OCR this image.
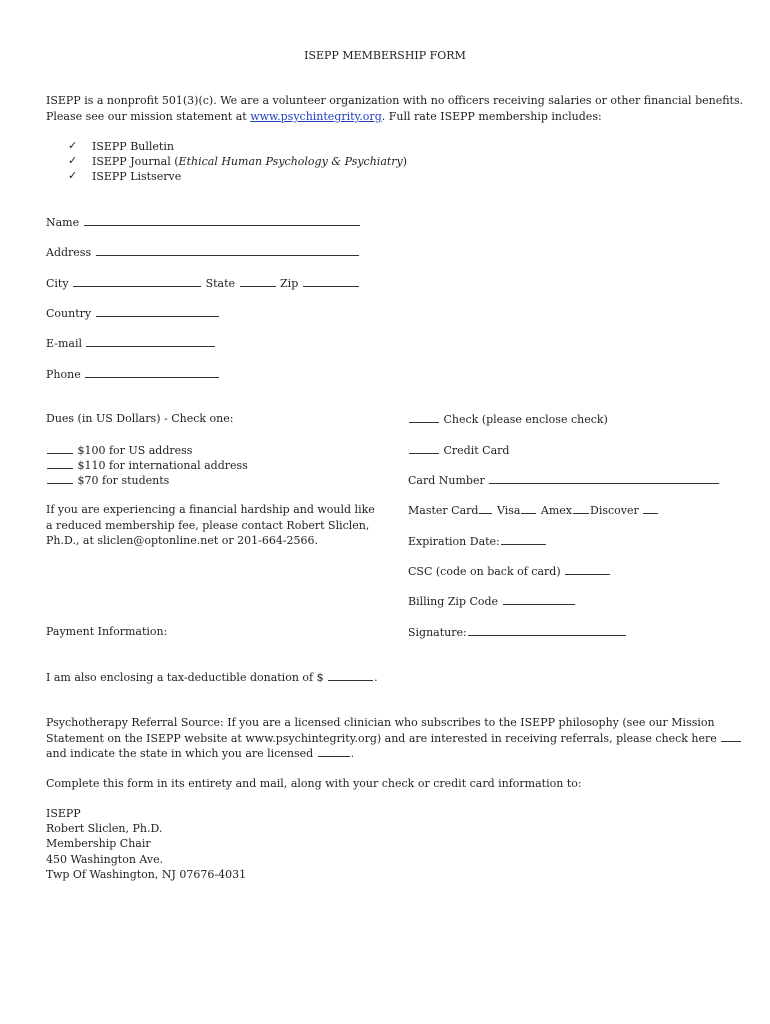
ISEPP MEMBERSHIP FORM
ISEPP is a nonprofit 501(3)(c). We are a volunteer organization with no officers receiving salaries or other financial benefits.
Please see our mission statement at www.psychintegrity.org. Full rate ISEPP membership includes:
✓ ISEPP Bulletin
✓ ISEPP Journal (Ethical Human Psychology & Psychiatry)
✓ ISEPP Listserve
Name
Address
City	State	Zip
Country
E-mail
Phone
Dues (in US Dollars) - Check one:
$100 for US address
$110 for international address
$70 for students
If you are experiencing a financial hardship and would like
a reduced membership fee, please contact Robert Sliclen,
Ph.D., at sliclen@optonline.net or 201-664-2566.
Payment Information:
Check (please enclose check)
Credit Card
Card Number
Master Card Visa Amex Discover
Expiration Date:
CSC (code on back of card)
Billing Zip Code
Signature:
I am also enclosing a tax-deductible donation of $	.
Psychotherapy Referral Source: If you are a licensed clinician who subscribes to the ISEPP philosophy (see our Mission
Statement on the ISEPP website at www.psychintegrity.org) and are interested in receiving referrals, please check here
and indicate the state in which you are licensed	.
Complete this form in its entirety and mail, along with your check or credit card information to:
ISEPP
Robert Sliclen, Ph.D.
Membership Chair
450 Washington Ave.
Twp Of Washington, NJ 07676-4031
